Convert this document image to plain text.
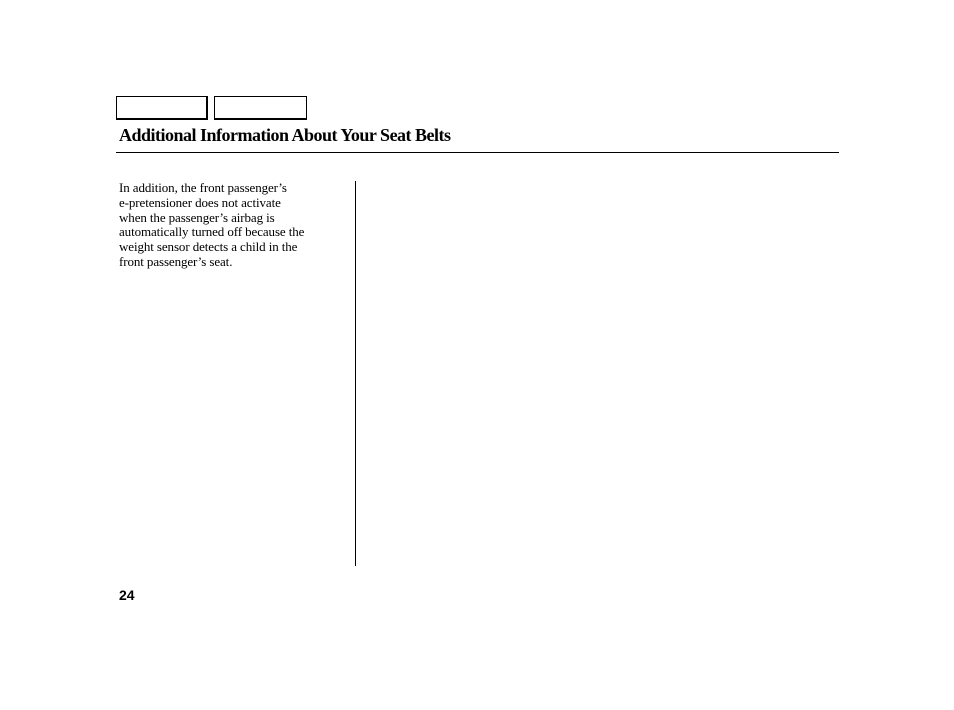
Additional Information About Your Seat Belts
In addition, the front passenger’s
e-pretensioner does not activate
when the passenger’s airbag is
automatically turned off because the
weight sensor detects a child in the
front passenger’s seat.
24
